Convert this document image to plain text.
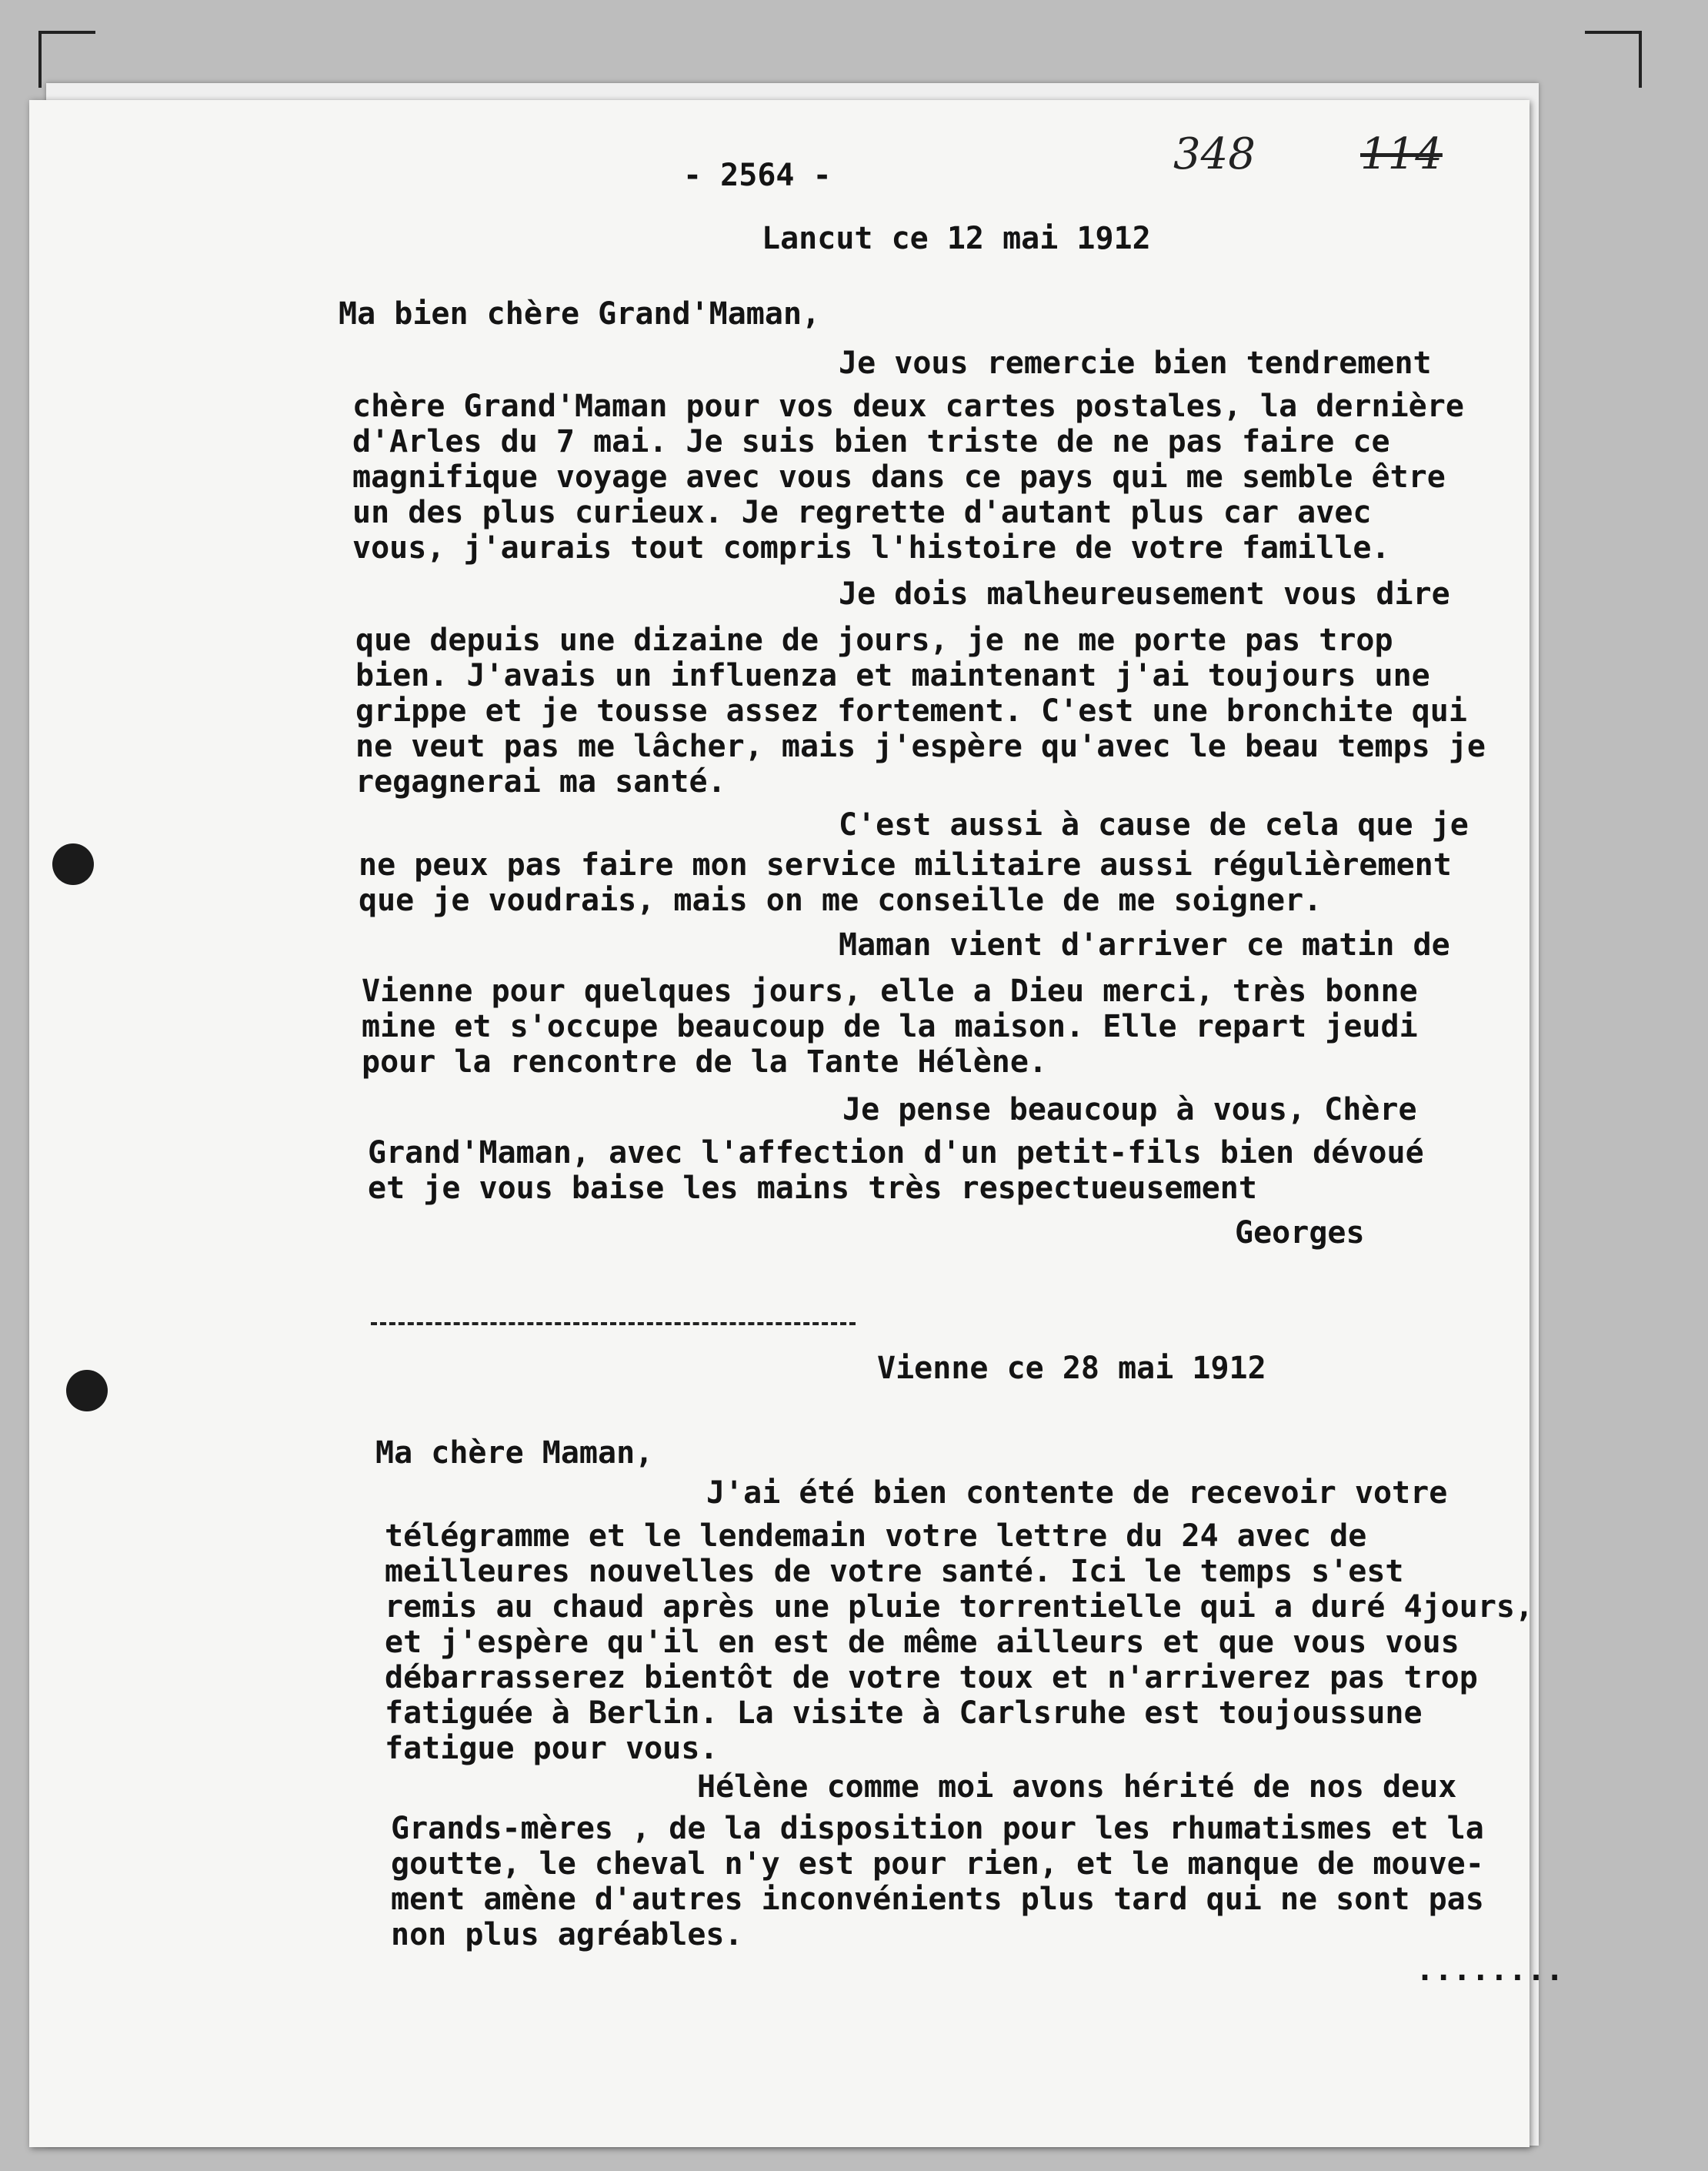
- 2564 -	348 114
Lancut ce 12 mai 1912
Ma bien chère Grand'Maman,
Je vous remercie bien tendrement
chère Grand'Maman pour vos deux cartes postales, la dernière
d'Arles du 7 mai. Je suis bien triste de ne pas faire ce
magnifique voyage avec vous dans ce pays qui me semble être
un des plus curieux. Je regrette d'autant plus car avec
vous, j'aurais tout compris l'histoire de votre famille.
Je dois malheureusement vous dire
que depuis une dizaine de jours, je ne me porte pas trop
bien. J'avais un influenza et maintenant j'ai toujours une
grippe et je tousse assez fortement. C'est une bronchite qui
ne veut pas me lâcher, mais j'espère qu'avec le beau temps je
regagnerai ma santé.
C'est aussi à cause de cela que je
ne peux pas faire mon service militaire aussi régulièrement
que je voudrais, mais on me conseille de me soigner.
Maman vient d'arriver ce matin de
Vienne pour quelques jours, elle a Dieu merci, très bonne
mine et s'occupe beaucoup de la maison. Elle repart jeudi
pour la rencontre de la Tante Hélène.
Je pense beaucoup à vous, Chère
Grand'Maman, avec l'affection d'un petit-fils bien dévoué
et je vous baise les mains très respectueusement
Georges
Vienne ce 28 mai 1912
Ma chère Maman,
J'ai été bien contente de recevoir votre
télégramme et le lendemain votre lettre du 24 avec de
meilleures nouvelles de votre santé. Ici le temps s'est
remis au chaud après une pluie torrentielle qui a duré 4jours,
et j'espère qu'il en est de même ailleurs et que vous vous
débarrasserez bientôt de votre toux et n'arriverez pas trop
fatiguée à Berlin. La visite à Carlsruhe est toujoussune
fatigue pour vous.
Hélène comme moi avons hérité de nos deux
Grands-mères , de la disposition pour les rhumatismes et la
goutte, le cheval n'y est pour rien, et le manque de mouve-
ment amène d'autres inconvénients plus tard qui ne sont pas
non plus agréables.
........
